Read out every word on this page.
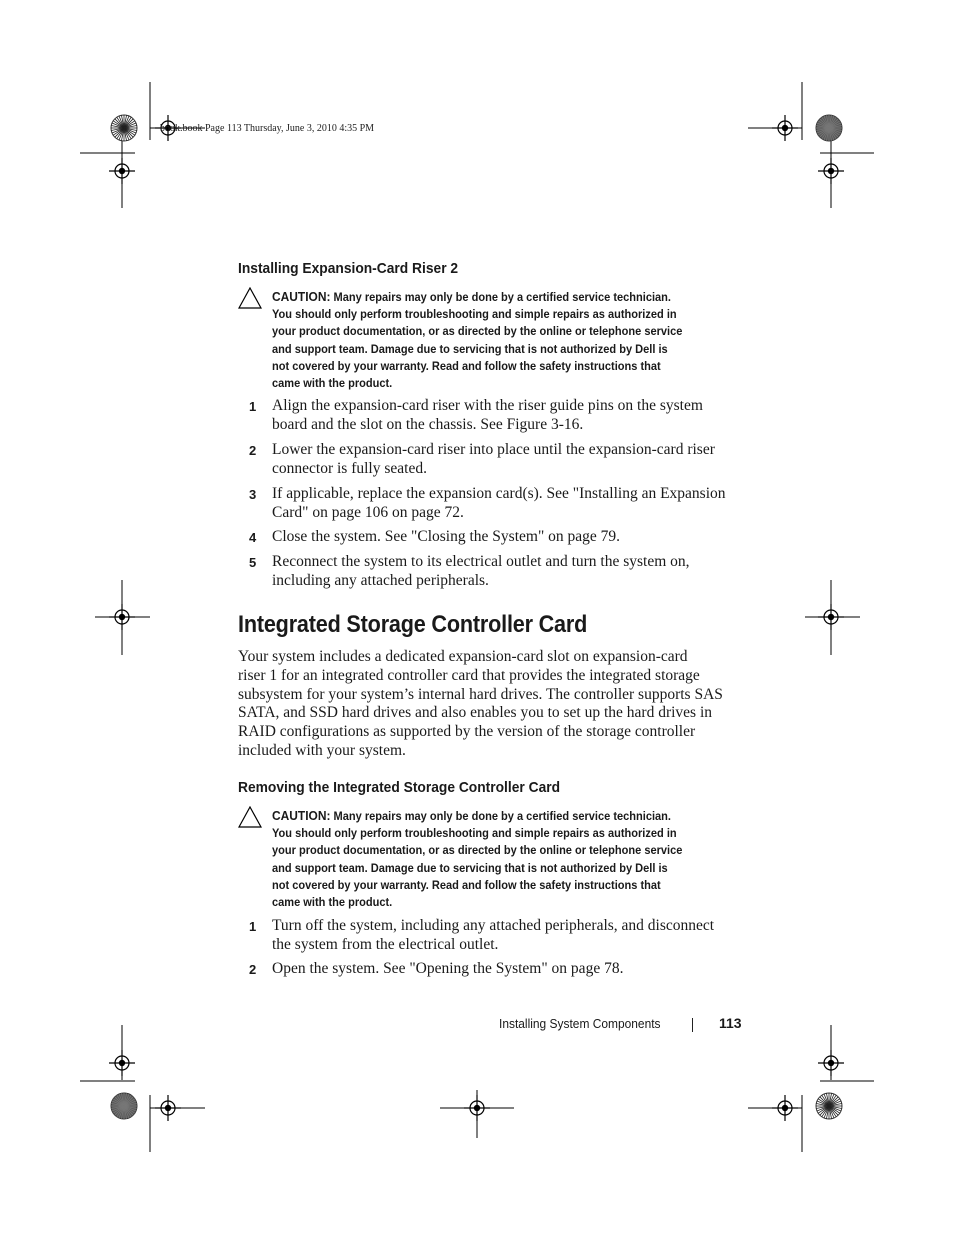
book.book Page 113 Thursday, June 3, 2010 4:35 PM
Installing Expansion-Card Riser 2
CAUTION: Many repairs may only be done by a certified service technician.
You should only perform troubleshooting and simple repairs as authorized in
your product documentation, or as directed by the online or telephone service
and support team. Damage due to servicing that is not authorized by Dell is
not covered by your warranty. Read and follow the safety instructions that
came with the product.
1 Align the expansion-card riser with the riser guide pins on the system
board and the slot on the chassis. See Figure 3-16.
2 Lower the expansion-card riser into place until the expansion-card riser
connector is fully seated.
3 If applicable, replace the expansion card(s). See "Installing an Expansion
Card" on page 106 on page 72.
4 Close the system. See "Closing the System" on page 79.
5 Reconnect the system to its electrical outlet and turn the system on,
including any attached peripherals.
Integrated Storage Controller Card
Your system includes a dedicated expansion-card slot on expansion-card
riser 1 for an integrated controller card that provides the integrated storage
subsystem for your system’s internal hard drives. The controller supports SAS
SATA, and SSD hard drives and also enables you to set up the hard drives in
RAID configurations as supported by the version of the storage controller
included with your system.
Removing the Integrated Storage Controller Card
CAUTION: Many repairs may only be done by a certified service technician.
You should only perform troubleshooting and simple repairs as authorized in
your product documentation, or as directed by the online or telephone service
and support team. Damage due to servicing that is not authorized by Dell is
not covered by your warranty. Read and follow the safety instructions that
came with the product.
1 Turn off the system, including any attached peripherals, and disconnect
the system from the electrical outlet.
2 Open the system. See "Opening the System" on page 78.
Installing System Components	113
